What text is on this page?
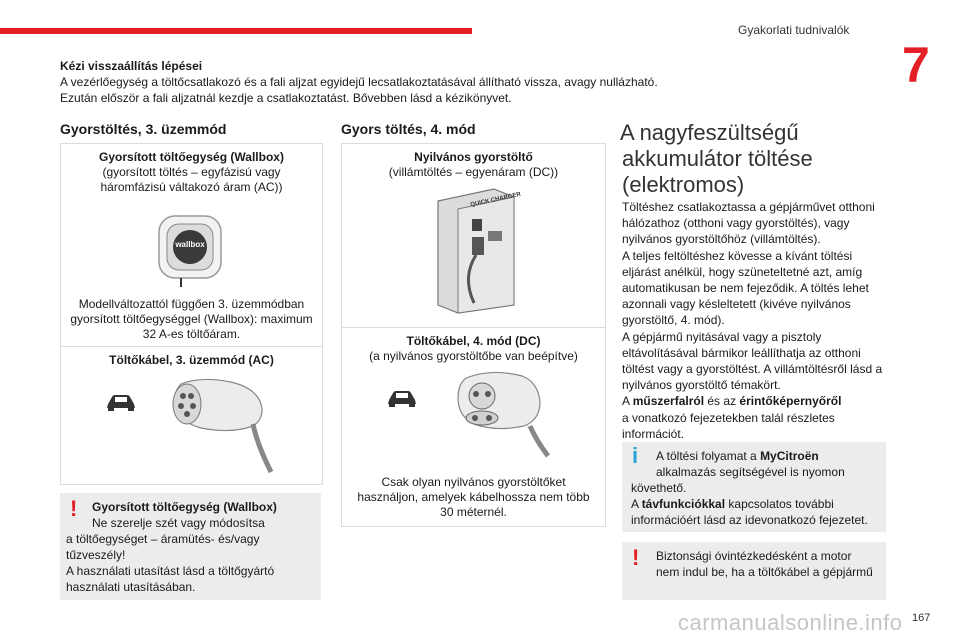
Gyakorlati tudnivalók
7
Kézi visszaállítás lépései
A vezérlőegység a töltőcsatlakozó és a fali aljzat egyidejű lecsatlakoztatásával állítható vissza, avagy nullázható.
Ezután először a fali aljzatnál kezdje a csatlakoztatást. Bővebben lásd a kézikönyvet.
Gyorstöltés, 3. üzemmód
Gyorsított töltőegység (Wallbox)
(gyorsított töltés – egyfázisú vagy
háromfázisú váltakozó áram (AC))
wallbox
Modellváltozattól függően 3. üzemmódban
gyorsított töltőegységgel (Wallbox): maximum
32 A-es töltőáram.
Töltőkábel, 3. üzemmód (AC)
! Gyorsított töltőegység (Wallbox)
Ne szerelje szét vagy módosítsa
a töltőegységet – áramütés- és/vagy
tűzveszély!
A használati utasítást lásd a töltőgyártó
használati utasításában.
Gyors töltés, 4. mód
Nyilvános gyorstöltő
(villámtöltés – egyenáram (DC))
QUICK CHARGER
Töltőkábel, 4. mód (DC)
(a nyilvános gyorstöltőbe van beépítve)
Csak olyan nyilvános gyorstöltőket
használjon, amelyek kábelhossza nem több
30 méternél.
A nagyfeszültségű
akkumulátor töltése
(elektromos)
Töltéshez csatlakoztassa a gépjárművet otthoni
hálózathoz (otthoni vagy gyorstöltés), vagy
nyilvános gyorstöltőhöz (villámtöltés).
A teljes feltöltéshez kövesse a kívánt töltési
eljárást anélkül, hogy szüneteltetné azt, amíg
automatikusan be nem fejeződik. A töltés lehet
azonnali vagy késleltetett (kivéve nyilvános
gyorstöltő, 4. mód).
A gépjármű nyitásával vagy a pisztoly
eltávolításával bármikor leállíthatja az otthoni
töltést vagy a gyorstöltést. A villámtöltésről lásd a
nyilvános gyorstöltő témakört.
A műszerfalról és az érintőképernyőről
a vonatkozó fejezetekben talál részletes
információt.
i A töltési folyamat a MyCitroën
alkalmazás segítségével is nyomon
követhető.
A távfunkciókkal kapcsolatos további
információért lásd az idevonatkozó fejezetet.
! Biztonsági óvintézkedésként a motor
nem indul be, ha a töltőkábel a gépjármű
carmanualsonline.info 167
